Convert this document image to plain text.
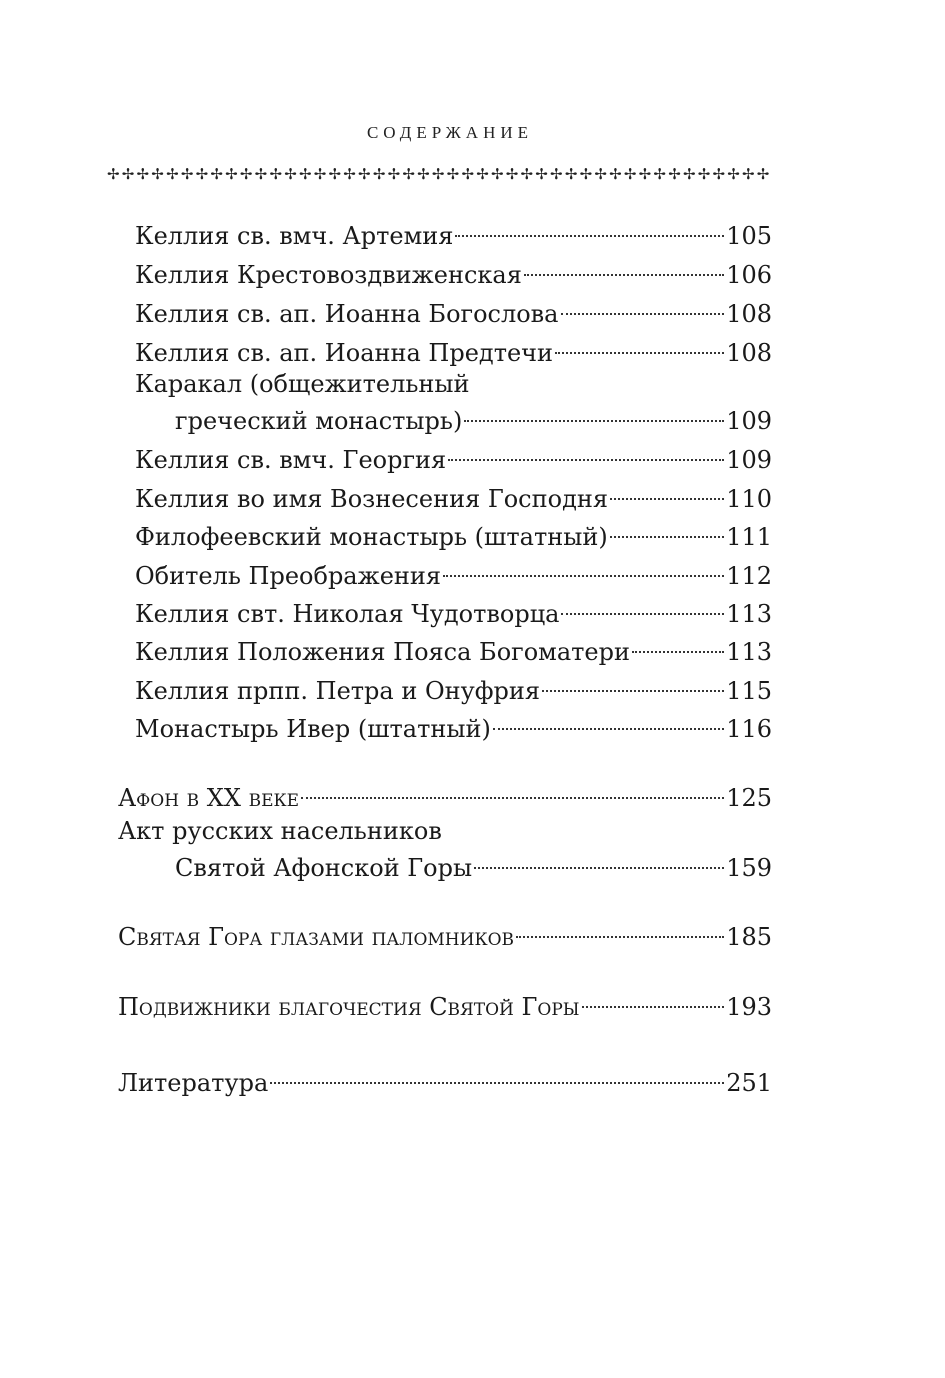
СОДЕРЖАНИЕ
✢✢✢✢✢✢✢✢✢✢✢✢✢✢✢✢✢✢✢✢✢✢✢✢✢✢✢✢✢✢✢✢✢✢✢✢✢✢✢✢✢✢✢✢✢
Келлия св. вмч. Артемия	105
Келлия Крестовоздвиженская	106
Келлия св. ап. Иоанна Богослова	108
Келлия св. ап. Иоанна Предтечи	108
Каракал (общежительный
греческий монастырь)	109
Келлия св. вмч. Георгия	109
Келлия во имя Вознесения Господня	110
Филофеевский монастырь (штатный)	111
Обитель Преображения	112
Келлия свт. Николая Чудотворца	113
Келлия Положения Пояса Богоматери	113
Келлия прпп. Петра и Онуфрия	115
Монастырь Ивер (штатный)	116
Афон в ХХ веке	125
Акт русских насельников
Святой Афонской Горы	159
Святая Гора глазами паломников	185
Подвижники благочестия Святой Горы	193
Литература	251
